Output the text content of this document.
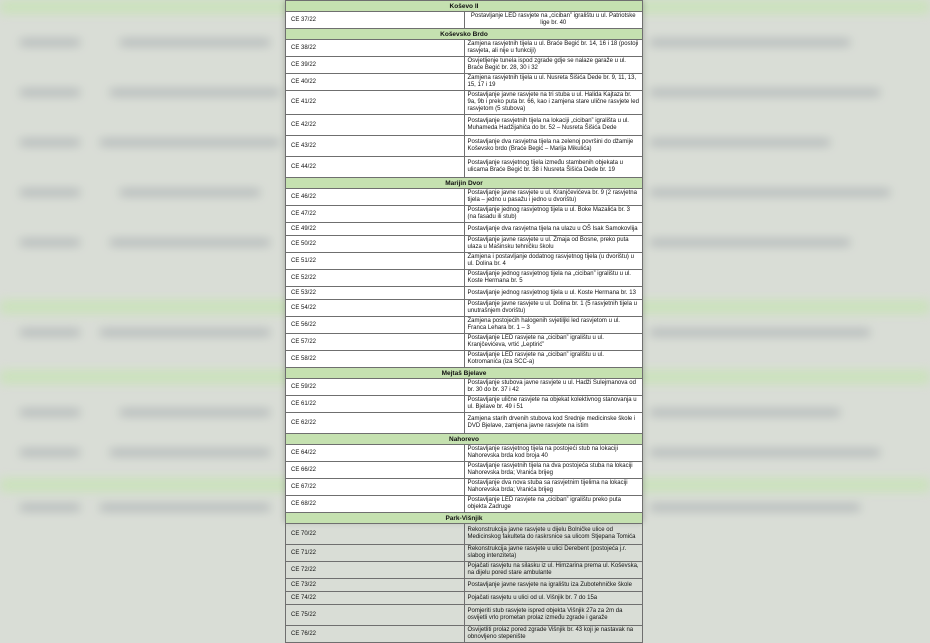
Koševo II	
CE 37/22	Postavljanje LED rasvjete na „ciciban” igralištu u ul. Patriotske lige br. 40
Koševsko Brdo	
CE 38/22	Zamjena rasvjetnih tijela u ul. Braće Begić br. 14, 16 i 18 (postoji rasvjeta, ali nije u funkciji)
CE 39/22	Osvjetljenje tunela ispod zgrade gdje se nalaze garaže u ul. Braće Begić br. 28, 30 i 32
CE 40/22	Zamjena rasvjetnih tijela u ul. Nusreta Šišića Dede br. 9, 11, 13, 15, 17 i 19
CE 41/22	Postavljanje javne rasvjete na tri stuba u ul. Halida Kajtaza br. 9a, 9b i preko puta br. 66, kao i zamjena stare ulične rasvjete led rasvjetom (5 stubova)
CE 42/22	Postavljanje rasvjetnih tijela na lokaciji „ciciban” igrališta u ul. Muhameda Hadžijahića do br. 52 – Nusreta Šišića Dede
CE 43/22	Postavljanje dva rasvjetna tijela na zelenoj površini do džamije Koševsko brdo (Braće Begić – Marija Mikulića)
CE 44/22	Postavljanje rasvjetnog tijela između stambenih objekata u ulicama Braće Begić br. 38 i Nusreta Šišića Dede br. 19
Marijin Dvor	
CE 46/22	Postavljanje javne rasvjete u ul. Kranjčevićeva br. 9 (2 rasvjetna tijela – jedno u pasažu i jedno u dvorištu)
CE 47/22	Postavljanje jednog rasvjetnog tijela u ul. Boke Mazalića br. 3 (na fasadu ili stub)
CE 49/22	Postavljanje dva rasvjetna tijela na ulazu u OŠ Isak Samokovlija
CE 50/22	Postavljanje javne rasvjete u ul. Zmaja od Bosne, preko puta ulaza u Mašinsku tehničku školu
CE 51/22	Zamjena i postavljanje dodatnog rasvjetnog tijela (u dvorištu) u ul. Dolina br. 4
CE 52/22	Postavljanje jednog rasvjetnog tijela na „ciciban” igralištu u ul. Koste Hermana br. 5
CE 53/22	Postavljanje jednog rasvjetnog tijela u ul. Koste Hermana br. 13
CE 54/22	Postavljanje javne rasvjete u ul. Dolina br. 1 (5 rasvjetnih tijela u unutrašnjem dvorištu)
CE 56/22	Zamjena postojećih halogenih svjetiljki led rasvjetom u ul. Franca Lehara br. 1 – 3
CE 57/22	Postavljanje LED rasvjete na „ciciban” igralištu u ul. Kranjčevićeva, vrtić „Leptirić”
CE 58/22	Postavljanje LED rasvjete na „ciciban” igralištu u ul. Kotromanića (iza SCC-a)
Mejtaš Bjelave	
CE 59/22	Postavljanje stubova javne rasvjete u ul. Hadži Sulejmanova od br. 30 do br. 37 i 42
CE 61/22	Postavljanje ulične rasvjete na objekat kolektivnog stanovanja u ul. Bjelave br. 49 i 51
CE 62/22	Zamjena starih drvenih stubova kod Srednje medicinske škole i DVD Bjelave, zamjena javne rasvjete na istim
Nahorevo	
CE 64/22	Postavljanje rasvjetnog tijela na postojeći stub na lokaciji Nahorevska brda kod broja 40
CE 66/22	Postavljanje rasvjetnih tijela na dva postojeća stuba na lokaciji Nahorevska brda; Vranića brijeg
CE 67/22	Postavljanje dva nova stuba sa rasvjetnim tijelima na lokaciji Nahorevska brda; Vranića brijeg
CE 68/22	Postavljanje LED rasvjete na „ciciban” igralištu preko puta objekta Zadruge
Park-Višnjik	
CE 70/22	Rekonstrukcija javne rasvjete u dijelu Bolničke ulice od Medicinskog fakulteta do raskrsnice sa ulicom Stjepana Tomića
CE 71/22	Rekonstrukcija javne rasvjete u ulici Derebent (postojeća j.r. slabog intenziteta)
CE 72/22	Pojačati rasvjetu na silasku iz ul. Himzarina prema ul. Koševska, na dijelu pored stare ambulante
CE 73/22	Postavljanje javne rasvjete na igralištu iza Zubotehničke škole
CE 74/22	Pojačati rasvjetu u ulici od ul. Višnjik br. 7 do 15a
CE 75/22	Pomjeriti stub rasvjete ispred objekta Višnjik 27a za 2m da osvijetli vrlo prometan prolaz između zgrade i garaže
CE 76/22	Osvijetliti prolaz pored zgrade Višnjik br. 43 koji je nastavak na obnovljeno stepenište
